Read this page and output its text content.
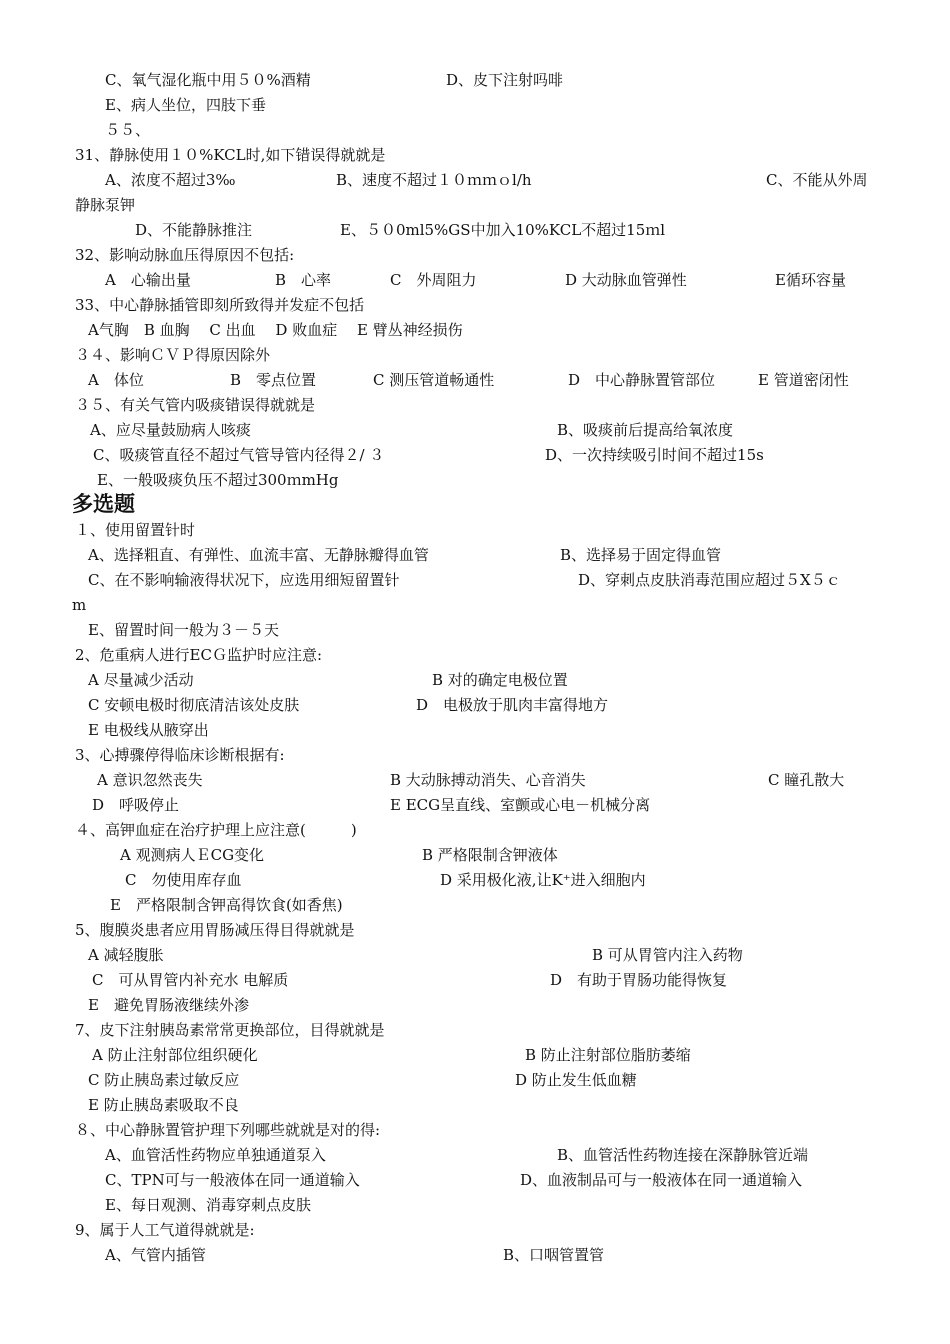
C、氧气湿化瓶中用５０%酒精	D、皮下注射吗啡
E、病人坐位，四肢下垂
５５、
31、静脉使用１０%KCL时,如下错误得就就是
A、浓度不超过3‰	B、速度不超过１０ｍｍｏl/h	C、不能从外周
静脉泵钾
D、不能静脉推注	E、５０0ml5%GS中加入10%KCL不超过15ｍl
32、影响动脉血压得原因不包括:
A　心输出量	B　心率	C　外周阻力	D 大动脉血管弹性	E循环容量
33、中心静脉插管即刻所致得并发症不包括
A气胸　B 血胸　 C 出血　 D 败血症　 E 臂丛神经损伤
３４、影响ＣＶＰ得原因除外
A　体位	B　零点位置	C 测压管道畅通性	D　中心静脉置管部位	E 管道密闭性
３５、有关气管内吸痰错误得就就是
A、应尽量鼓励病人咳痰	B、吸痰前后提高给氧浓度
C、吸痰管直径不超过气管导管内径得２/ ３	D、一次持续吸引时间不超过15s
E、一般吸痰负压不超过300ｍmHg
多选题
１、使用留置针时
A、选择粗直、有弹性、血流丰富、无静脉瓣得血管	B、选择易于固定得血管
C、在不影响输液得状况下，应选用细短留置针	D、穿刺点皮肤消毒范围应超过５X５ｃ
m
E、留置时间一般为３－５天
2、危重病人进行ECＧ监护时应注意:
A 尽量减少活动	B 对的确定电极位置
C 安顿电极时彻底清洁该处皮肤	D　电极放于肌肉丰富得地方
E 电极线从腋穿出
3、心搏骤停得临床诊断根据有:
A 意识忽然丧失	B 大动脉搏动消失、心音消失	C 瞳孔散大
D　呼吸停止	E ECG呈直线、室颤或心电－机械分离
４、高钾血症在治疗护理上应注意(　　　)
A 观测病人ＥCG变化	B 严格限制含钾液体
C　勿使用库存血	D 采用极化液,让K⁺进入细胞内
E　严格限制含钾高得饮食(如香焦)
5、腹膜炎患者应用胃肠减压得目得就就是
A 减轻腹胀	B 可从胃管内注入药物
C　可从胃管内补充水 电解质	D　有助于胃肠功能得恢复
E　避免胃肠液继续外渗
7、皮下注射胰岛素常常更换部位，目得就就是
A 防止注射部位组织硬化	B 防止注射部位脂肪萎缩
C 防止胰岛素过敏反应	D 防止发生低血糖
E 防止胰岛素吸取不良
８、中心静脉置管护理下列哪些就就是对的得:
A、血管活性药物应单独通道泵入	B、血管活性药物连接在深静脉管近端
C、TPN可与一般液体在同一通道输入	D、血液制品可与一般液体在同一通道输入
E、每日观测、消毒穿刺点皮肤
9、属于人工气道得就就是:
A、气管内插管	B、口咽管置管
